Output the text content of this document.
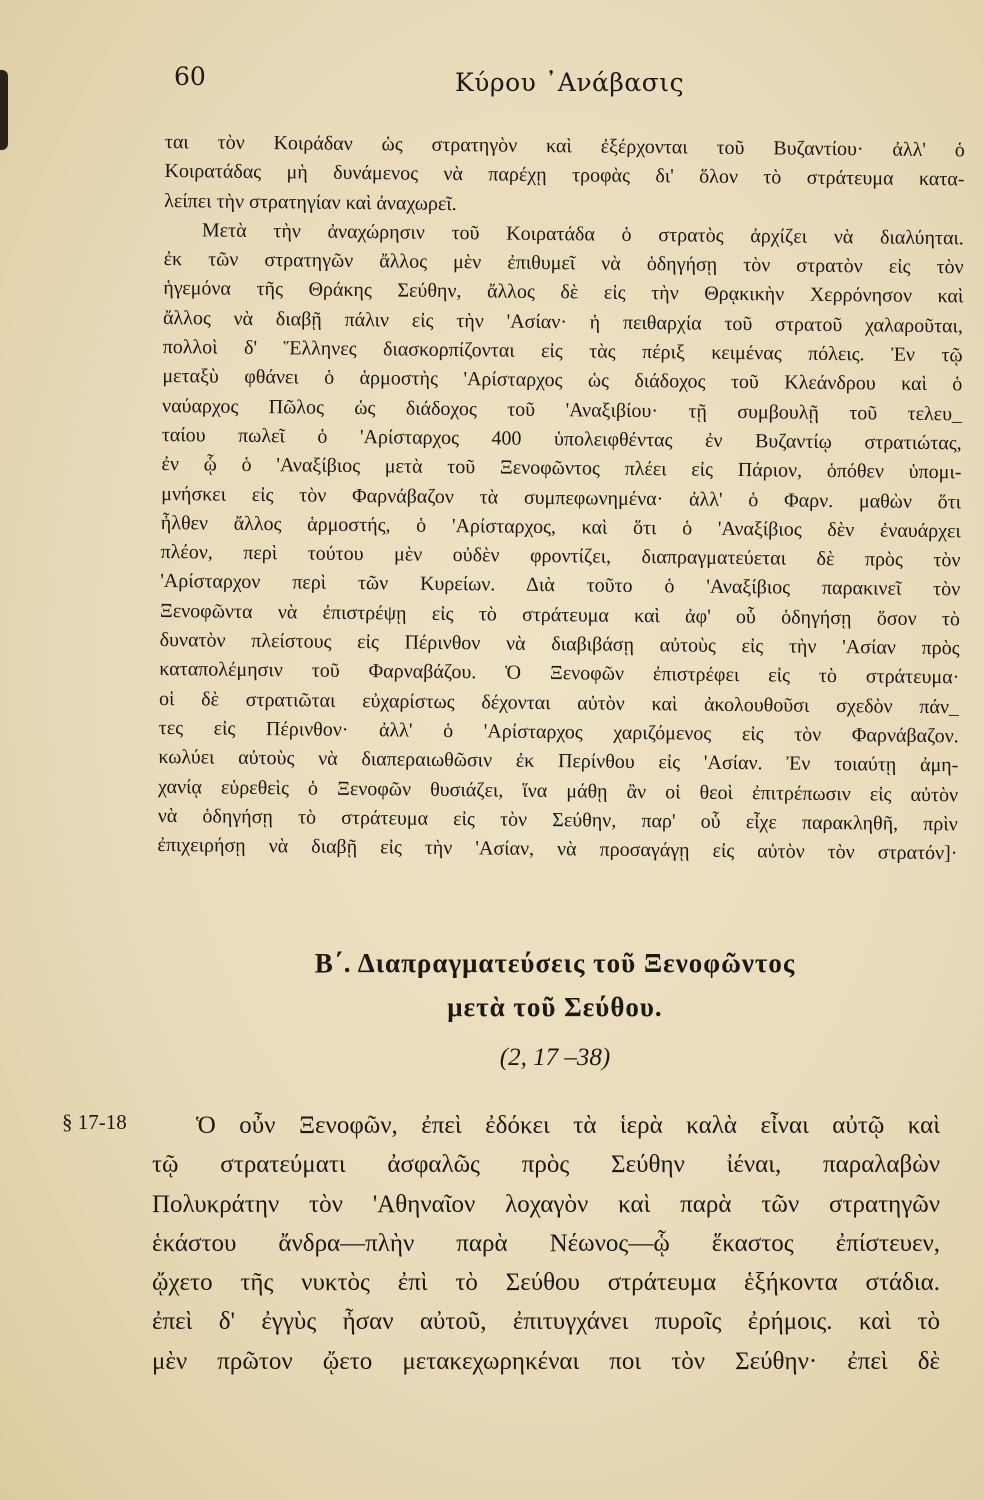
60	Κύρου ᾽Ανάβασις
ται τὸν Κοιράδαν ὡς στρατηγὸν καὶ ἐξέρχονται τοῦ Βυζαντίου· ἀλλ' ὁ
Κοιρατάδας μὴ δυνάμενος νὰ παρέχῃ τροφὰς δι' ὅλον τὸ στράτευμα κατα-
λείπει τὴν στρατηγίαν καὶ ἀναχωρεῖ.
Μετὰ τὴν ἀναχώρησιν τοῦ Κοιρατάδα ὁ στρατὸς ἀρχίζει νὰ διαλύηται.
ἐκ τῶν στρατηγῶν ἄλλος μὲν ἐπιθυμεῖ νὰ ὁδηγήσῃ τὸν στρατὸν εἰς τὸν
ἡγεμόνα τῆς Θράκης Σεύθην, ἄλλος δὲ εἰς τὴν Θρᾳκικὴν Χερρόνησον καὶ
ἄλλος νὰ διαβῇ πάλιν εἰς τὴν 'Ασίαν· ἡ πειθαρχία τοῦ στρατοῦ χαλαροῦται,
πολλοὶ δ' Ἕλληνες διασκορπίζονται εἰς τὰς πέριξ κειμένας πόλεις. Ἐν τῷ
μεταξὺ φθάνει ὁ ἁρμοστὴς 'Αρίσταρχος ὡς διάδοχος τοῦ Κλεάνδρου καὶ ὁ
ναύαρχος Πῶλος ὡς διάδοχος τοῦ 'Αναξιβίου· τῇ συμβουλῇ τοῦ τελευ_
ταίου πωλεῖ ὁ 'Αρίσταρχος 400 ὑπολειφθέντας ἐν Βυζαντίῳ στρατιώτας,
ἐν ᾧ ὁ 'Αναξίβιος μετὰ τοῦ Ξενοφῶντος πλέει εἰς Πάριον, ὁπόθεν ὑπομι-
μνήσκει εἰς τὸν Φαρνάβαζον τὰ συμπεφωνημένα· ἀλλ' ὁ Φαρν. μαθὼν ὅτι
ἦλθεν ἄλλος ἁρμοστής, ὁ 'Αρίσταρχος, καὶ ὅτι ὁ 'Αναξίβιος δὲν ἐναυάρχει
πλέον, περὶ τούτου μὲν οὐδὲν φροντίζει, διαπραγματεύεται δὲ πρὸς τὸν
'Αρίσταρχον περὶ τῶν Κυρείων. Διὰ τοῦτο ὁ 'Αναξίβιος παρακινεῖ τὸν
Ξενοφῶντα νὰ ἐπιστρέψῃ εἰς τὸ στράτευμα καὶ ἀφ' οὗ ὁδηγήσῃ ὅσον τὸ
δυνατὸν πλείστους εἰς Πέρινθον νὰ διαβιβάσῃ αὐτοὺς εἰς τὴν 'Ασίαν πρὸς
καταπολέμησιν τοῦ Φαρναβάζου. Ὁ Ξενοφῶν ἐπιστρέφει εἰς τὸ στράτευμα·
οἱ δὲ στρατιῶται εὐχαρίστως δέχονται αὐτὸν καὶ ἀκολουθοῦσι σχεδὸν πάν_
τες εἰς Πέρινθον· ἀλλ' ὁ 'Αρίσταρχος χαριζόμενος εἰς τὸν Φαρνάβαζον.
κωλύει αὐτοὺς νὰ διαπεραιωθῶσιν ἐκ Περίνθου εἰς 'Ασίαν. Ἐν τοιαύτῃ ἀμη-
χανίᾳ εὑρεθεὶς ὁ Ξενοφῶν θυσιάζει, ἵνα μάθῃ ἂν οἱ θεοὶ ἐπιτρέπωσιν εἰς αὐτὸν
νὰ ὁδηγήσῃ τὸ στράτευμα εἰς τὸν Σεύθην, παρ' οὗ εἶχε παρακληθῆ, πρὶν
ἐπιχειρήσῃ νὰ διαβῇ εἰς τὴν 'Ασίαν, νὰ προσαγάγῃ εἰς αὐτὸν τὸν στρατόν]·
Β΄. Διαπραγματεύσεις τοῦ Ξενοφῶντος
μετὰ τοῦ Σεύθου.
(2, 17 –38)
§ 17-18	Ὁ οὖν Ξενοφῶν, ἐπεὶ ἐδόκει τὰ ἱερὰ καλὰ εἶναι αὐτῷ καὶ
τῷ στρατεύματι ἀσφαλῶς πρὸς Σεύθην ἰέναι, παραλαβὼν
Πολυκράτην τὸν 'Αθηναῖον λοχαγὸν καὶ παρὰ τῶν στρατηγῶν
ἑκάστου ἄνδρα—πλὴν παρὰ Νέωνος—ᾧ ἕκαστος ἐπίστευεν,
ᾤχετο τῆς νυκτὸς ἐπὶ τὸ Σεύθου στράτευμα ἑξήκοντα στάδια.
ἐπεὶ δ' ἐγγὺς ἦσαν αὐτοῦ, ἐπιτυγχάνει πυροῖς ἐρήμοις. καὶ τὸ
μὲν πρῶτον ᾤετο μετακεχωρηκέναι ποι τὸν Σεύθην· ἐπεὶ δὲ
